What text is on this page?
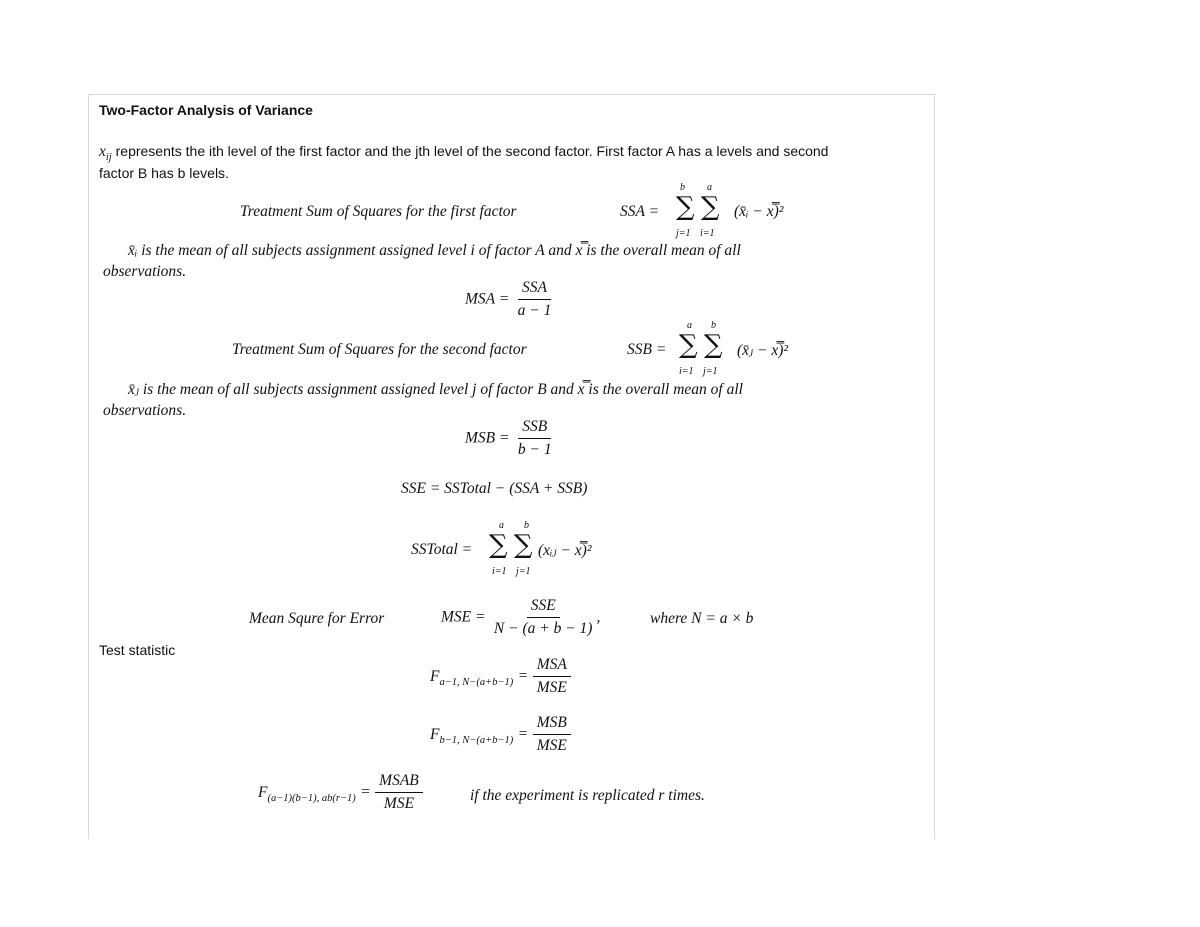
Two-Factor Analysis of Variance
$x_{ij}$ represents the ith level of the first factor and the jth level of the second factor. First factor A has a levels and second
factor B has b levels.
Treatment Sum of Squares for the first factor	SSA =
b a
∑ ∑
j=1 i=1
(x̄ᵢ − x̿)²
x̄ᵢ is the mean of all subjects assignment assigned level i of factor A and x̿ is the overall mean of all
observations.
MSA = $\frac{\text{SSA}}{a - 1}$
Treatment Sum of Squares for the second factor	SSB =
a b
∑ ∑
i=1 j=1
(x̄ⱼ − x̿)²
x̄ⱼ is the mean of all subjects assignment assigned level j of factor B and x̿ is the overall mean of all
observations.
MSB = $\frac{\text{SSB}}{b - 1}$
SSE = SSTotal − (SSA + SSB)
SSTotal =
a b
∑ ∑
i=1 j=1
(xᵢⱼ − x̿)²
Mean Squre for Error	MSE = $\frac{\text{SSE}}{N - (a + b - 1)}$ ,	where N = a × b
Test statistic
$F_{a-1, N-(a+b-1)} = \frac{\text{MSA}}{\text{MSE}}$
$F_{b-1, N-(a+b-1)} = \frac{\text{MSB}}{\text{MSE}}$
$F_{(a-1)(b-1), ab(r-1)} = \frac{\text{MSAB}}{\text{MSE}}$	if the experiment is replicated r times.
